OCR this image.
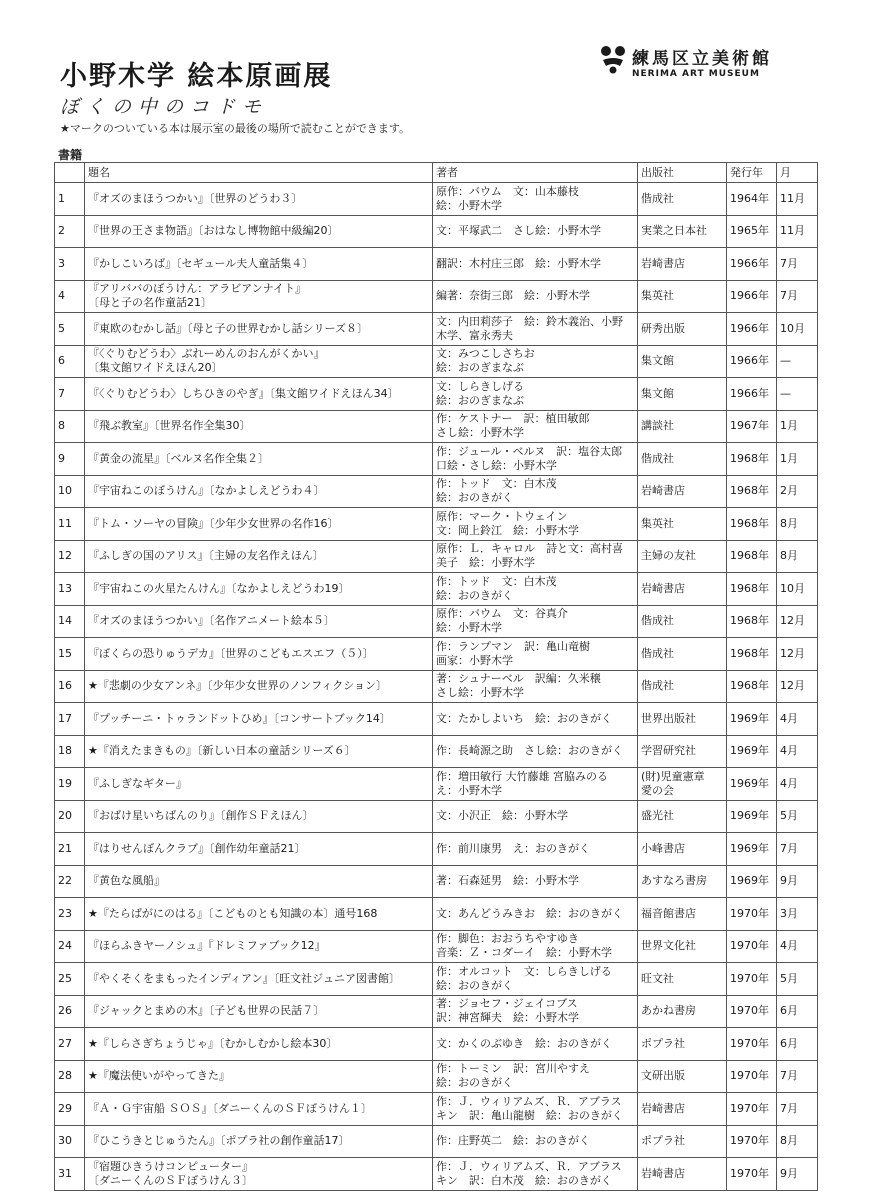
小野木学 絵本原画展
ぼくの中のコドモ
★マークのついている本は展示室の最後の場所で読むことができます。
練馬区立美術館
NERIMA ART MUSEUM
書籍
	題名	著者	出版社	発行年	月
1	『オズのまほうつかい』〔世界のどうわ３〕	原作：バウム　文：山本藤枝
絵：小野木学	偕成社	1964年	11月
2	『世界の王さま物語』〔おはなし博物館中級編20〕	文：平塚武二　さし絵：小野木学	実業之日本社	1965年	11月
3	『かしこいろば』〔セギュール夫人童話集４〕	翻訳：木村庄三郎　絵：小野木学	岩崎書店	1966年	7月
4	『アリババのぼうけん：アラビアンナイト』
〔母と子の名作童話21〕	編著：奈街三郎　絵：小野木学	集英社	1966年	7月
5	『東欧のむかし話』〔母と子の世界むかし話シリーズ８〕	文：内田莉莎子　絵：鈴木義治、小野
木学、富永秀夫	研秀出版	1966年	10月
6	『〈ぐりむどうわ〉ぶれーめんのおんがくかい』
〔集文館ワイドえほん20〕	文：みつこしさちお
絵：おのぎまなぶ	集文館	1966年	—
7	『〈ぐりむどうわ〉しちひきのやぎ』〔集文館ワイドえほん34〕	文：しらきしげる
絵：おのぎまなぶ	集文館	1966年	—
8	『飛ぶ教室』〔世界名作全集30〕	作：ケストナー　訳：植田敏郎
さし絵：小野木学	講談社	1967年	1月
9	『黄金の流星』〔ベルヌ名作全集２〕	作：ジュール・ベルヌ　訳：塩谷太郎
口絵・さし絵：小野木学	偕成社	1968年	1月
10	『宇宙ねこのぼうけん』〔なかよしえどうわ４〕	作：トッド　文：白木茂
絵：おのきがく	岩崎書店	1968年	2月
11	『トム・ソーヤの冒険』〔少年少女世界の名作16〕	原作：マーク・トウェイン
文：岡上鈴江　絵：小野木学	集英社	1968年	8月
12	『ふしぎの国のアリス』〔主婦の友名作えほん〕	原作：Ｌ．キャロル　詩と文：高村喜
美子　絵：小野木学	主婦の友社	1968年	8月
13	『宇宙ねこの火星たんけん』〔なかよしえどうわ19〕	作：トッド　文：白木茂
絵：おのきがく	岩崎書店	1968年	10月
14	『オズのまほうつかい』〔名作アニメート絵本５〕	原作：バウム　文：谷真介
絵：小野木学	偕成社	1968年	12月
15	『ぼくらの恐りゅうデカ』〔世界のこどもエスエフ（５）〕	作：ランプマン　訳：亀山竜樹
画家：小野木学	偕成社	1968年	12月
16	★『悲劇の少女アンネ』〔少年少女世界のノンフィクション〕	著：シュナーベル　訳編：久米穣
さし絵：小野木学	偕成社	1968年	12月
17	『プッチーニ・トゥランドットひめ』〔コンサートブック14〕	文：たかしよいち　絵：おのきがく	世界出版社	1969年	4月
18	★『消えたまきもの』〔新しい日本の童話シリーズ６〕	作：長崎源之助　さし絵：おのきがく	学習研究社	1969年	4月
19	『ふしぎなギター』	作：増田敏行 大竹藤雄 宮脇みのる
え：小野木学	(財)児童憲章
愛の会	1969年	4月
20	『おばけ星いちばんのり』〔創作ＳＦえほん〕	文：小沢正　絵：小野木学	盛光社	1969年	5月
21	『はりせんぼんクラブ』〔創作幼年童話21〕	作：前川康男　え：おのきがく	小峰書店	1969年	7月
22	『黄色な風船』	著：石森延男　絵：小野木学	あすなろ書房	1969年	9月
23	★『たらばがにのはる』〔こどものとも知識の本〕通号168	文：あんどうみきお　絵：おのきがく	福音館書店	1970年	3月
24	『ほらふきヤーノシュ』『ドレミファブック12』	作：脚色：おおうちやすゆき
音楽：Ｚ・コダーイ　絵：小野木学	世界文化社	1970年	4月
25	『やくそくをまもったインディアン』〔旺文社ジュニア図書館〕	作：オルコット　文：しらきしげる
絵：おのきがく	旺文社	1970年	5月
26	『ジャックとまめの木』〔子ども世界の民話７〕	著：ジョセフ・ジェイコブス
訳：神宮輝夫　絵：小野木学	あかね書房	1970年	6月
27	★『しらさぎちょうじゃ』〔むかしむかし絵本30〕	文：かくのぶゆき　絵：おのきがく	ポプラ社	1970年	6月
28	★『魔法使いがやってきた』	作：トーミン　訳：宮川やすえ
絵：おのきがく	文研出版	1970年	7月
29	『Ａ・Ｇ宇宙船 ＳＯＳ』〔ダニーくんのＳＦぼうけん１〕	作：Ｊ．ウィリアムズ、Ｒ．アブラス
キン　訳：亀山龍樹　絵：おのきがく	岩崎書店	1970年	7月
30	『ひこうきとじゅうたん』〔ポプラ社の創作童話17〕	作：庄野英二　絵：おのきがく	ポプラ社	1970年	8月
31	『宿題ひきうけコンピューター』
〔ダニーくんのＳＦぼうけん３〕	作：Ｊ．ウィリアムズ、Ｒ．アブラス
キン　訳：白木茂　絵：おのきがく	岩崎書店	1970年	9月
